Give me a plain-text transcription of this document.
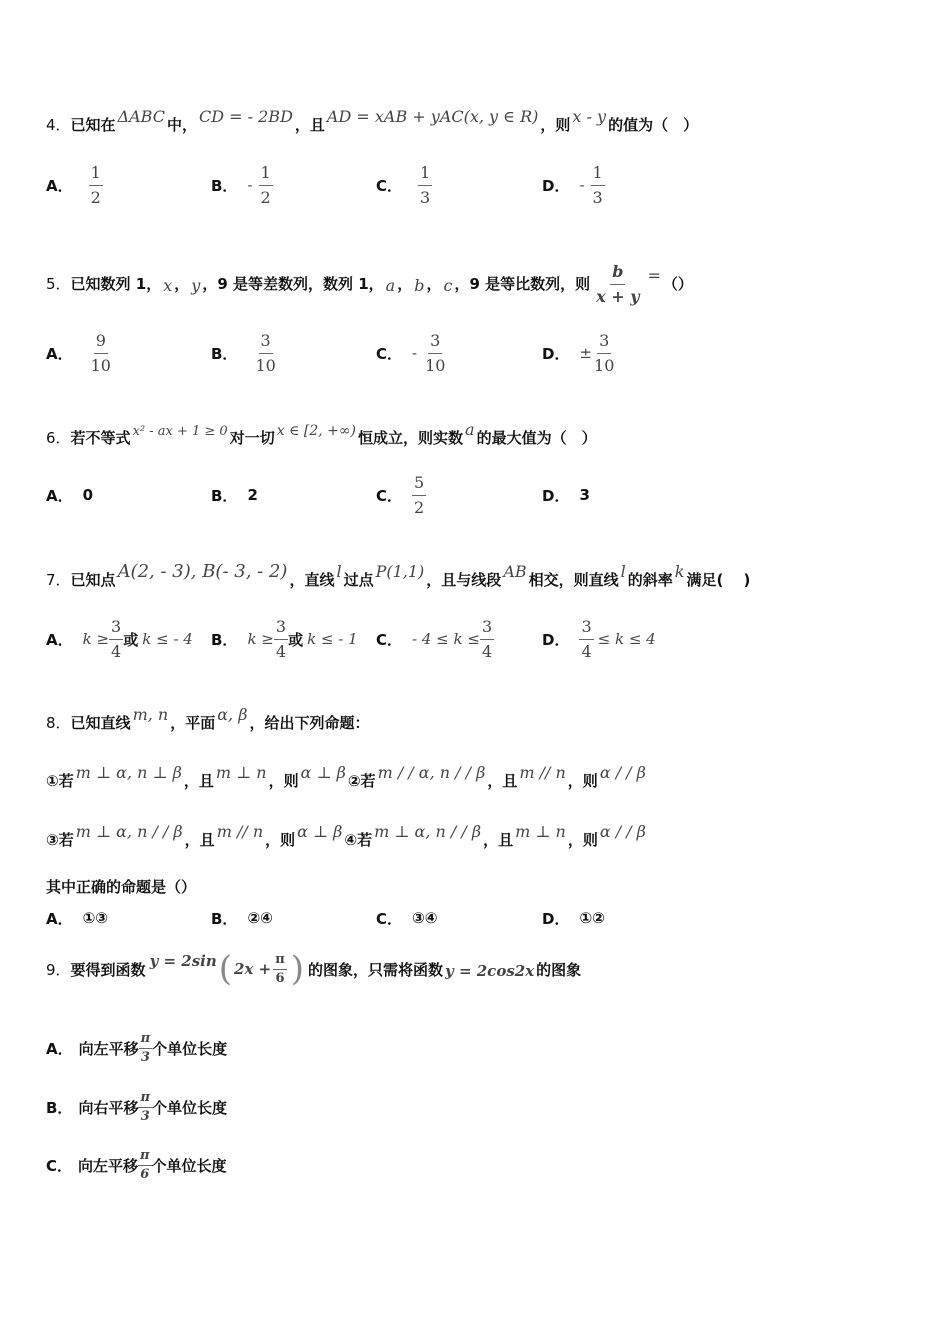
4．已知在 ΔABC 中， CD = - 2BD ，且 AD = xAB + yAC(x, y ∈ R) ，则 x - y 的值为（　）
A． $\frac{1}{2}$	B． - $\frac{1}{2}$	C． $\frac{1}{3}$	D． - $\frac{1}{3}$
5．已知数列 1， x ， y ，9 是等差数列，数列 1， a ， b ， c ，9 是等比数列，则 $\frac{b}{x + y}$ = （）
A． $\frac{9}{10}$	B． $\frac{3}{10}$	C． - $\frac{3}{10}$	D． ± $\frac{3}{10}$
6．若不等式 x² - ax + 1 ≥ 0 对一切 x ∈ [2, +∞) 恒成立，则实数 a 的最大值为（　）
A． 0	B． 2	C． $\frac{5}{2}$	D． 3
7．已知点 A(2, - 3), B(- 3, - 2) ，直线 l 过点 P(1,1) ，且与线段 AB 相交，则直线 l 的斜率 k 满足(　 )
A． $k \ge \frac{3}{4}$ 或 k ≤ - 4 B． $k \ge \frac{3}{4}$ 或 k ≤ - 1 C． - $4 \le k \le \frac{3}{4}$	D． $\frac{3}{4} \le k \le 4$
8．已知直线 m, n ，平面 α, β ，给出下列命题：
①若 m ⊥ α, n ⊥ β ，且 m ⊥ n ，则 α ⊥ β ②若 m / / α, n / / β ，且 m // n ，则 α / / β
③若 m ⊥ α, n / / β ，且 m // n ，则 α ⊥ β ④若 m ⊥ α, n / / β ，且 m ⊥ n ，则 α / / β
其中正确的命题是（）
A． ①③	B． ②④	C． ③④	D． ①②
9． 要得到函数 y = 2sin ( $2x + \frac{\pi}{6}$ ) 的图象，只需将函数 y = 2cos2x 的图象
A． 向左平移 $\frac{\pi}{3}$ 个单位长度
B． 向右平移 $\frac{\pi}{3}$ 个单位长度
C． 向左平移 $\frac{\pi}{6}$ 个单位长度
